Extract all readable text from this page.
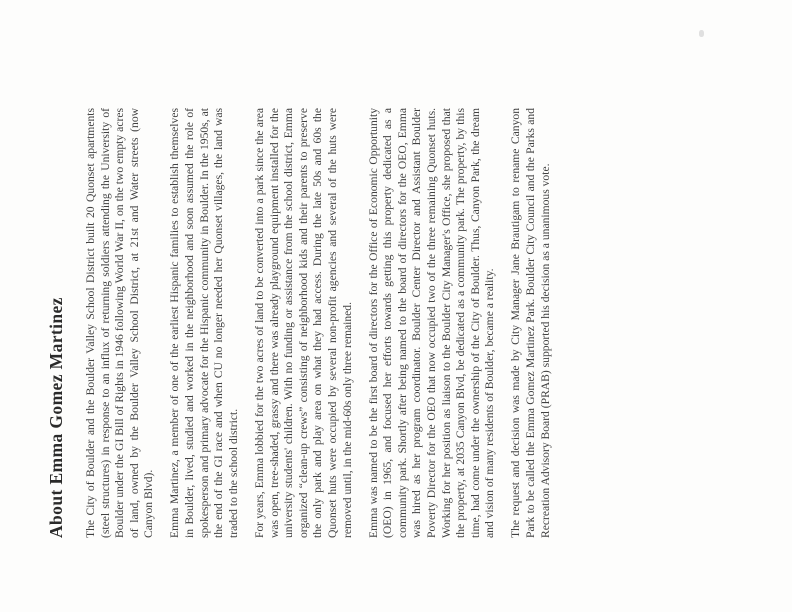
About Emma Gomez Martinez The City of Boulder and the Boulder Valley School District built 20 Quonset apartments (steel structures) in response to an influx of returning soldiers attending the University of Boulder under the GI Bill of Rights in 1946 following World War II, on the two empty acres of land, owned by the Boulder Valley School District, at 21st and Water streets (now Canyon Blvd). Emma Martinez, a member of one of the earliest Hispanic families to establish themselves in Boulder, lived, studied and worked in the neighborhood and soon assumed the role of spokesperson and primary advocate for the Hispanic community in Boulder. In the 1950s, at the end of the GI race and when CU no longer needed her Quonset villages, the land was traded to the school district. For years, Emma lobbied for the two acres of land to be converted into a park since the area was open, tree-shaded, grassy and there was already playground equipment installed for the university students' children. With no funding or assistance from the school district, Emma organized “clean-up crews” consisting of neighborhood kids and their parents to preserve the only park and play area on what they had access. During the late 50s and 60s the Quonset huts were occupied by several non-profit agencies and several of the huts were removed until, in the mid-60s only three remained. Emma was named to be the first board of directors for the Office of Economic Opportunity (OEO) in 1965, and focused her efforts towards getting this property dedicated as a community park. Shortly after being named to the board of directors for the OEO, Emma was hired as her program coordinator. Boulder Center Director and Assistant Boulder Poverty Director for the OEO that now occupied two of the three remaining Quonset huts. Working for her position as liaison to the Boulder City Manager's Office, she proposed that the property, at 2035 Canyon Blvd, be dedicated as a community park. The property, by this time, had come under the ownership of the City of Boulder. Thus, Canyon Park, the dream and vision of many residents of Boulder, became a reality. The request and decision was made by City Manager Jane Brautigam to rename Canyon Park to be called the Emma Gomez Martinez Park. Boulder City Council and the Parks and Recreation Advisory Board (PRAB) supported his decision as a unanimous vote.
